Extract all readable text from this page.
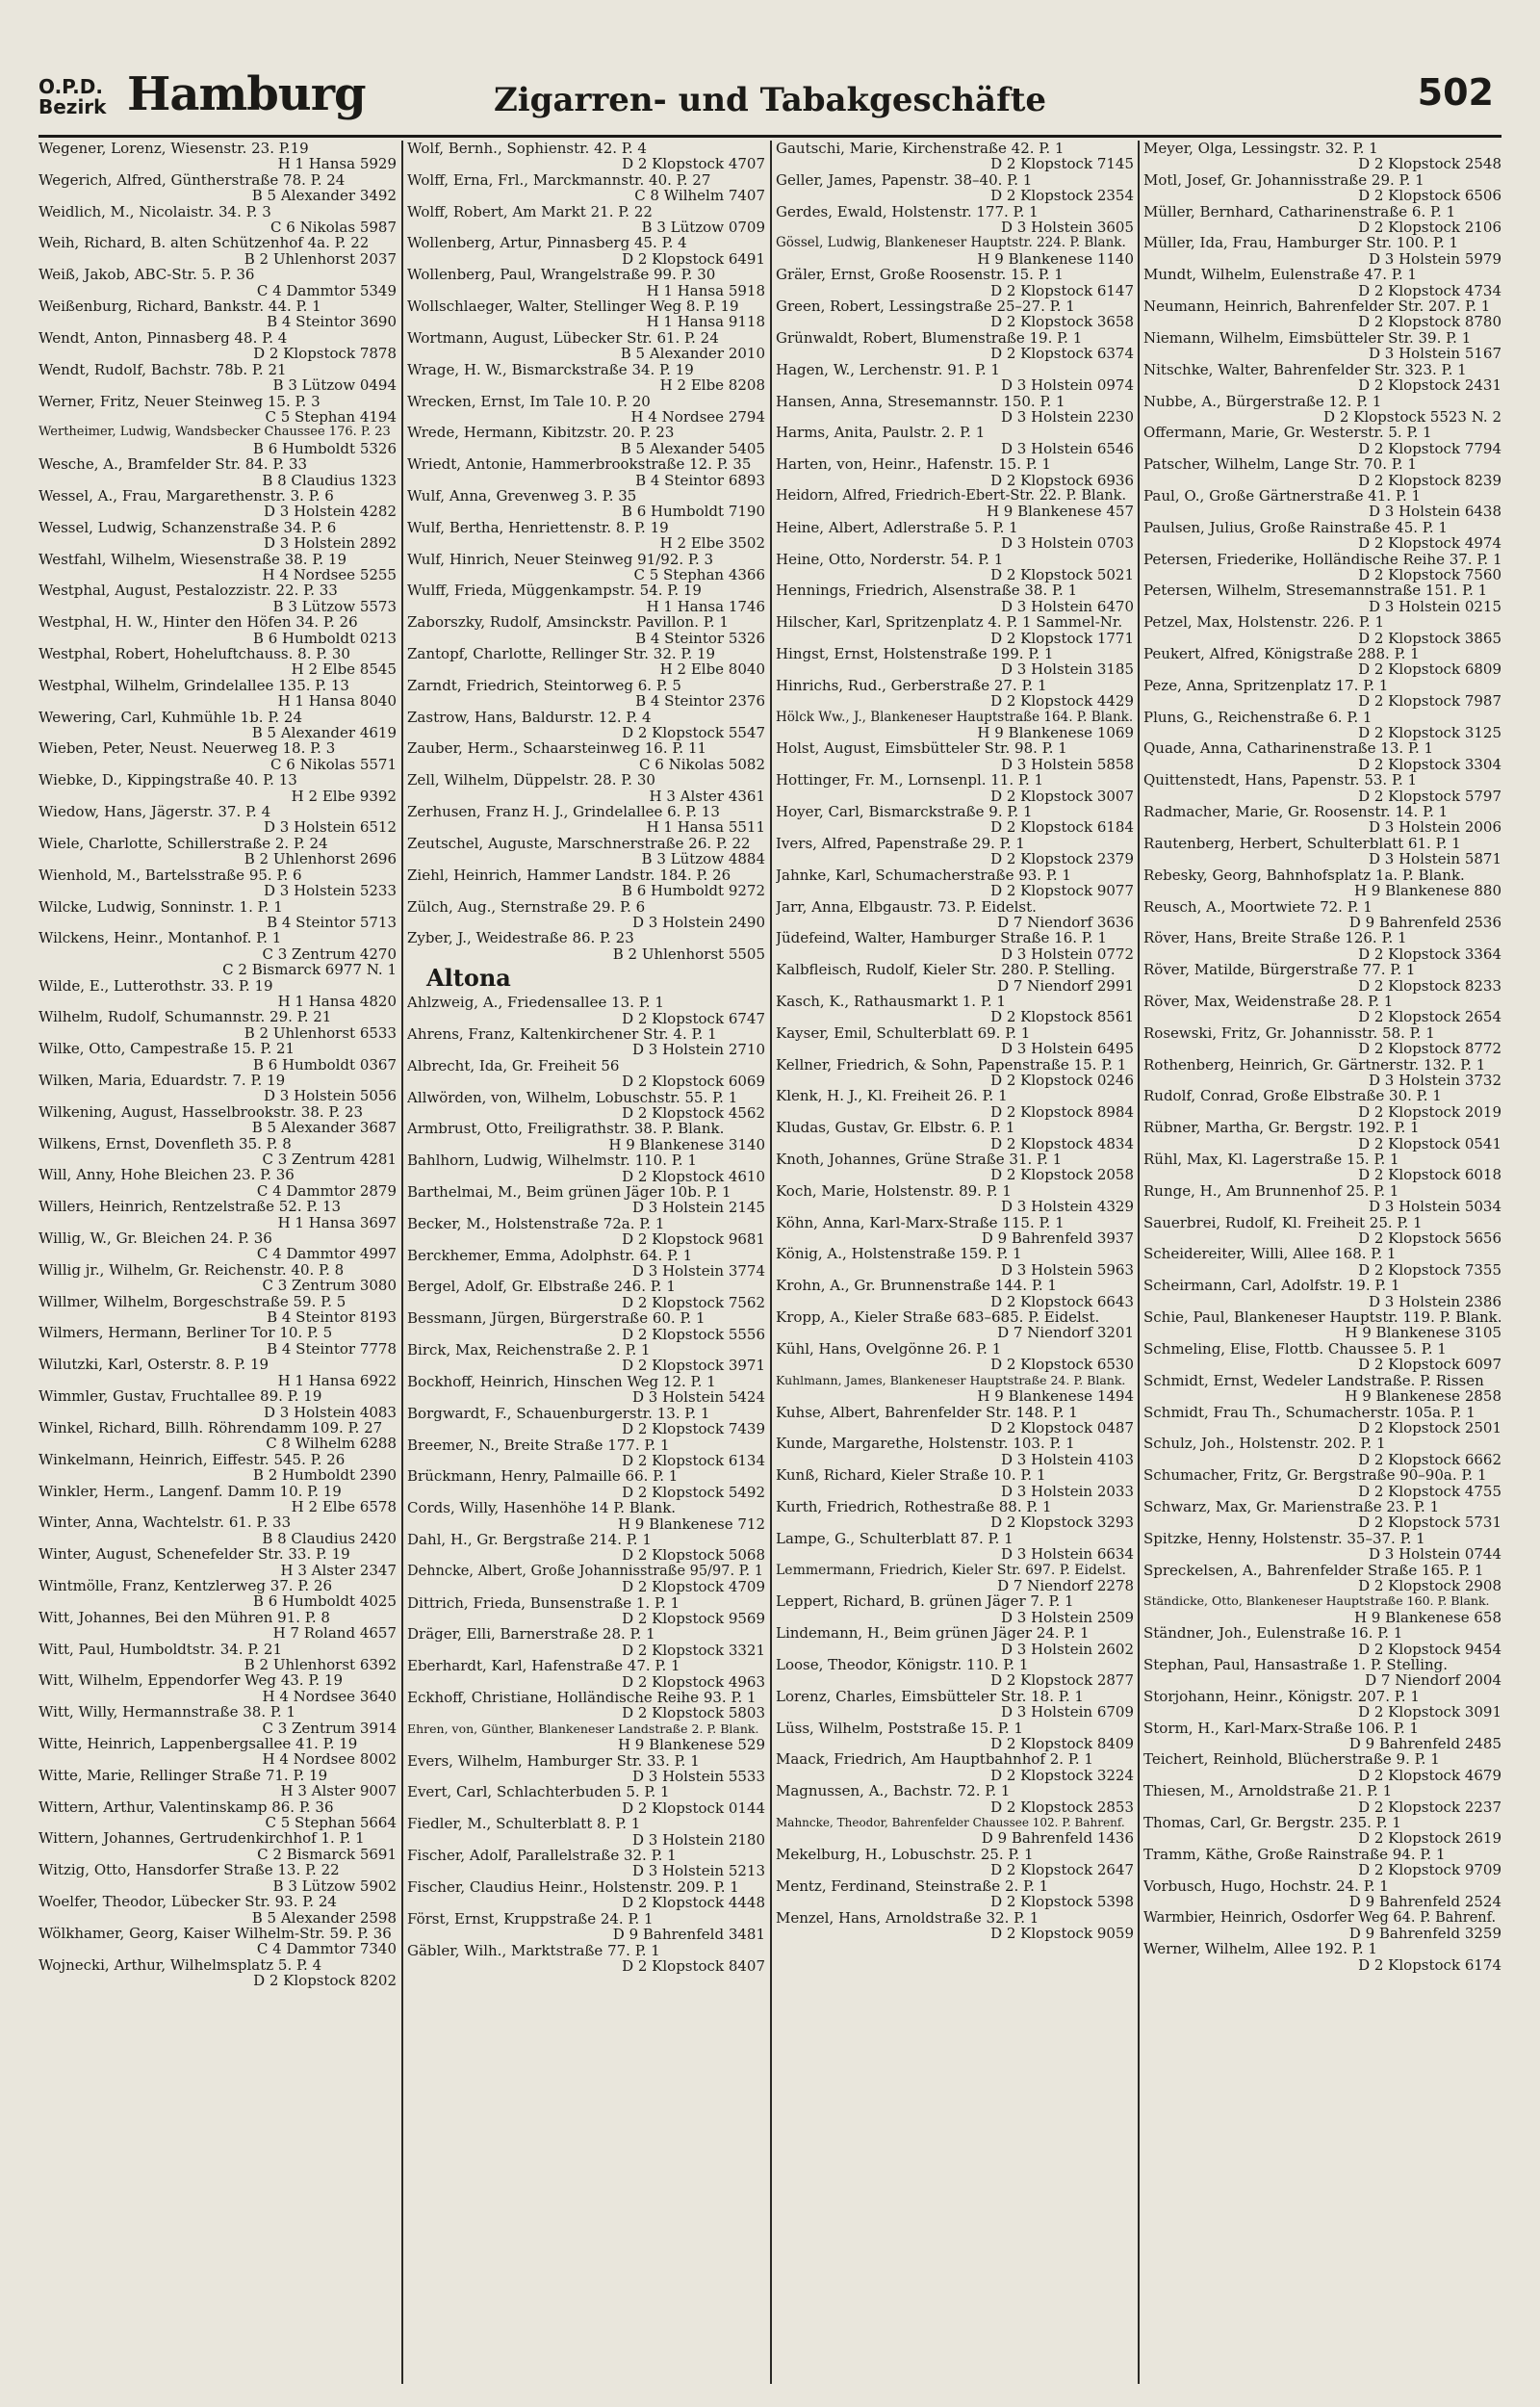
O.P.D.
Bezirk Hamburg	Zigarren- und Tabakgeschäfte	502
Wegener, Lorenz, Wiesenstr. 23. P.19
H 1 Hansa 5929
Wegerich, Alfred, Güntherstraße 78. P. 24
B 5 Alexander 3492
Weidlich, M., Nicolaistr. 34. P. 3
C 6 Nikolas 5987
Weih, Richard, B. alten Schützenhof 4a. P. 22
B 2 Uhlenhorst 2037
Weiß, Jakob, ABC-Str. 5. P. 36
C 4 Dammtor 5349
Weißenburg, Richard, Bankstr. 44. P. 1
B 4 Steintor 3690
Wendt, Anton, Pinnasberg 48. P. 4
D 2 Klopstock 7878
Wendt, Rudolf, Bachstr. 78b. P. 21
B 3 Lützow 0494
Werner, Fritz, Neuer Steinweg 15. P. 3
C 5 Stephan 4194
Wertheimer, Ludwig, Wandsbecker Chaussee 176. P. 23
B 6 Humboldt 5326
Wesche, A., Bramfelder Str. 84. P. 33
B 8 Claudius 1323
Wessel, A., Frau, Margarethenstr. 3. P. 6
D 3 Holstein 4282
Wessel, Ludwig, Schanzenstraße 34. P. 6
D 3 Holstein 2892
Westfahl, Wilhelm, Wiesenstraße 38. P. 19
H 4 Nordsee 5255
Westphal, August, Pestalozzistr. 22. P. 33
B 3 Lützow 5573
Westphal, H. W., Hinter den Höfen 34. P. 26
B 6 Humboldt 0213
Westphal, Robert, Hoheluftchauss. 8. P. 30
H 2 Elbe 8545
Westphal, Wilhelm, Grindelallee 135. P. 13
H 1 Hansa 8040
Wewering, Carl, Kuhmühle 1b. P. 24
B 5 Alexander 4619
Wieben, Peter, Neust. Neuerweg 18. P. 3
C 6 Nikolas 5571
Wiebke, D., Kippingstraße 40. P. 13
H 2 Elbe 9392
Wiedow, Hans, Jägerstr. 37. P. 4
D 3 Holstein 6512
Wiele, Charlotte, Schillerstraße 2. P. 24
B 2 Uhlenhorst 2696
Wienhold, M., Bartelsstraße 95. P. 6
D 3 Holstein 5233
Wilcke, Ludwig, Sonninstr. 1. P. 1
B 4 Steintor 5713
Wilckens, Heinr., Montanhof. P. 1
C 3 Zentrum 4270
C 2 Bismarck 6977 N. 1
Wilde, E., Lutterothstr. 33. P. 19
H 1 Hansa 4820
Wilhelm, Rudolf, Schumannstr. 29. P. 21
B 2 Uhlenhorst 6533
Wilke, Otto, Campestraße 15. P. 21
B 6 Humboldt 0367
Wilken, Maria, Eduardstr. 7. P. 19
D 3 Holstein 5056
Wilkening, August, Hasselbrookstr. 38. P. 23
B 5 Alexander 3687
Wilkens, Ernst, Dovenfleth 35. P. 8
C 3 Zentrum 4281
Will, Anny, Hohe Bleichen 23. P. 36
C 4 Dammtor 2879
Willers, Heinrich, Rentzelstraße 52. P. 13
H 1 Hansa 3697
Willig, W., Gr. Bleichen 24. P. 36
C 4 Dammtor 4997
Willig jr., Wilhelm, Gr. Reichenstr. 40. P. 8
C 3 Zentrum 3080
Willmer, Wilhelm, Borgeschstraße 59. P. 5
B 4 Steintor 8193
Wilmers, Hermann, Berliner Tor 10. P. 5
B 4 Steintor 7778
Wilutzki, Karl, Osterstr. 8. P. 19
H 1 Hansa 6922
Wimmler, Gustav, Fruchtallee 89. P. 19
D 3 Holstein 4083
Winkel, Richard, Billh. Röhrendamm 109. P. 27
C 8 Wilhelm 6288
Winkelmann, Heinrich, Eiffestr. 545. P. 26
B 2 Humboldt 2390
Winkler, Herm., Langenf. Damm 10. P. 19
H 2 Elbe 6578
Winter, Anna, Wachtelstr. 61. P. 33
B 8 Claudius 2420
Winter, August, Schenefelder Str. 33. P. 19
H 3 Alster 2347
Wintmölle, Franz, Kentzlerweg 37. P. 26
B 6 Humboldt 4025
Witt, Johannes, Bei den Mühren 91. P. 8
H 7 Roland 4657
Witt, Paul, Humboldtstr. 34. P. 21
B 2 Uhlenhorst 6392
Witt, Wilhelm, Eppendorfer Weg 43. P. 19
H 4 Nordsee 3640
Witt, Willy, Hermannstraße 38. P. 1
C 3 Zentrum 3914
Witte, Heinrich, Lappenbergsallee 41. P. 19
H 4 Nordsee 8002
Witte, Marie, Rellinger Straße 71. P. 19
H 3 Alster 9007
Wittern, Arthur, Valentinskamp 86. P. 36
C 5 Stephan 5664
Wittern, Johannes, Gertrudenkirchhof 1. P. 1
C 2 Bismarck 5691
Witzig, Otto, Hansdorfer Straße 13. P. 22
B 3 Lützow 5902
Woelfer, Theodor, Lübecker Str. 93. P. 24
B 5 Alexander 2598
Wölkhamer, Georg, Kaiser Wilhelm-Str. 59. P. 36
C 4 Dammtor 7340
Wojnecki, Arthur, Wilhelmsplatz 5. P. 4
D 2 Klopstock 8202
Wolf, Bernh., Sophienstr. 42. P. 4
D 2 Klopstock 4707
Wolff, Erna, Frl., Marckmannstr. 40. P. 27
C 8 Wilhelm 7407
Wolff, Robert, Am Markt 21. P. 22
B 3 Lützow 0709
Wollenberg, Artur, Pinnasberg 45. P. 4
D 2 Klopstock 6491
Wollenberg, Paul, Wrangelstraße 99. P. 30
H 1 Hansa 5918
Wollschlaeger, Walter, Stellinger Weg 8. P. 19
H 1 Hansa 9118
Wortmann, August, Lübecker Str. 61. P. 24
B 5 Alexander 2010
Wrage, H. W., Bismarckstraße 34. P. 19
H 2 Elbe 8208
Wrecken, Ernst, Im Tale 10. P. 20
H 4 Nordsee 2794
Wrede, Hermann, Kibitzstr. 20. P. 23
B 5 Alexander 5405
Wriedt, Antonie, Hammerbrookstraße 12. P. 35
B 4 Steintor 6893
Wulf, Anna, Grevenweg 3. P. 35
B 6 Humboldt 7190
Wulf, Bertha, Henriettenstr. 8. P. 19
H 2 Elbe 3502
Wulf, Hinrich, Neuer Steinweg 91/92. P. 3
C 5 Stephan 4366
Wulff, Frieda, Müggenkampstr. 54. P. 19
H 1 Hansa 1746
Zaborszky, Rudolf, Amsinckstr. Pavillon. P. 1
B 4 Steintor 5326
Zantopf, Charlotte, Rellinger Str. 32. P. 19
H 2 Elbe 8040
Zarndt, Friedrich, Steintorweg 6. P. 5
B 4 Steintor 2376
Zastrow, Hans, Baldurstr. 12. P. 4
D 2 Klopstock 5547
Zauber, Herm., Schaarsteinweg 16. P. 11
C 6 Nikolas 5082
Zell, Wilhelm, Düppelstr. 28. P. 30
H 3 Alster 4361
Zerhusen, Franz H. J., Grindelallee 6. P. 13
H 1 Hansa 5511
Zeutschel, Auguste, Marschnerstraße 26. P. 22
B 3 Lützow 4884
Ziehl, Heinrich, Hammer Landstr. 184. P. 26
B 6 Humboldt 9272
Zülch, Aug., Sternstraße 29. P. 6
D 3 Holstein 2490
Zyber, J., Weidestraße 86. P. 23
B 2 Uhlenhorst 5505
Altona
Ahlzweig, A., Friedensallee 13. P. 1
D 2 Klopstock 6747
Ahrens, Franz, Kaltenkirchener Str. 4. P. 1
D 3 Holstein 2710
Albrecht, Ida, Gr. Freiheit 56
D 2 Klopstock 6069
Allwörden, von, Wilhelm, Lobuschstr. 55. P. 1
D 2 Klopstock 4562
Armbrust, Otto, Freiligrathstr. 38. P. Blank.
H 9 Blankenese 3140
Bahlhorn, Ludwig, Wilhelmstr. 110. P. 1
D 2 Klopstock 4610
Barthelmai, M., Beim grünen Jäger 10b. P. 1
D 3 Holstein 2145
Becker, M., Holstenstraße 72a. P. 1
D 2 Klopstock 9681
Berckhemer, Emma, Adolphstr. 64. P. 1
D 3 Holstein 3774
Bergel, Adolf, Gr. Elbstraße 246. P. 1
D 2 Klopstock 7562
Bessmann, Jürgen, Bürgerstraße 60. P. 1
D 2 Klopstock 5556
Birck, Max, Reichenstraße 2. P. 1
D 2 Klopstock 3971
Bockhoff, Heinrich, Hinschen Weg 12. P. 1
D 3 Holstein 5424
Borgwardt, F., Schauenburgerstr. 13. P. 1
D 2 Klopstock 7439
Breemer, N., Breite Straße 177. P. 1
D 2 Klopstock 6134
Brückmann, Henry, Palmaille 66. P. 1
D 2 Klopstock 5492
Cords, Willy, Hasenhöhe 14 P. Blank.
H 9 Blankenese 712
Dahl, H., Gr. Bergstraße 214. P. 1
D 2 Klopstock 5068
Dehncke, Albert, Große Johannisstraße 95/97. P. 1
D 2 Klopstock 4709
Dittrich, Frieda, Bunsenstraße 1. P. 1
D 2 Klopstock 9569
Dräger, Elli, Barnerstraße 28. P. 1
D 2 Klopstock 3321
Eberhardt, Karl, Hafenstraße 47. P. 1
D 2 Klopstock 4963
Eckhoff, Christiane, Holländische Reihe 93. P. 1
D 2 Klopstock 5803
Ehren, von, Günther, Blankeneser Landstraße 2. P. Blank.
H 9 Blankenese 529
Evers, Wilhelm, Hamburger Str. 33. P. 1
D 3 Holstein 5533
Evert, Carl, Schlachterbuden 5. P. 1
D 2 Klopstock 0144
Fiedler, M., Schulterblatt 8. P. 1
D 3 Holstein 2180
Fischer, Adolf, Parallelstraße 32. P. 1
D 3 Holstein 5213
Fischer, Claudius Heinr., Holstenstr. 209. P. 1
D 2 Klopstock 4448
Först, Ernst, Kruppstraße 24. P. 1
D 9 Bahrenfeld 3481
Gäbler, Wilh., Marktstraße 77. P. 1
D 2 Klopstock 8407
Gautschi, Marie, Kirchenstraße 42. P. 1
D 2 Klopstock 7145
Geller, James, Papenstr. 38–40. P. 1
D 2 Klopstock 2354
Gerdes, Ewald, Holstenstr. 177. P. 1
D 3 Holstein 3605
Gössel, Ludwig, Blankeneser Hauptstr. 224. P. Blank.
H 9 Blankenese 1140
Gräler, Ernst, Große Roosenstr. 15. P. 1
D 2 Klopstock 6147
Green, Robert, Lessingstraße 25–27. P. 1
D 2 Klopstock 3658
Grünwaldt, Robert, Blumenstraße 19. P. 1
D 2 Klopstock 6374
Hagen, W., Lerchenstr. 91. P. 1
D 3 Holstein 0974
Hansen, Anna, Stresemannstr. 150. P. 1
D 3 Holstein 2230
Harms, Anita, Paulstr. 2. P. 1
D 3 Holstein 6546
Harten, von, Heinr., Hafenstr. 15. P. 1
D 2 Klopstock 6936
Heidorn, Alfred, Friedrich-Ebert-Str. 22. P. Blank.
H 9 Blankenese 457
Heine, Albert, Adlerstraße 5. P. 1
D 3 Holstein 0703
Heine, Otto, Norderstr. 54. P. 1
D 2 Klopstock 5021
Hennings, Friedrich, Alsenstraße 38. P. 1
D 3 Holstein 6470
Hilscher, Karl, Spritzenplatz 4. P. 1 Sammel-Nr.
D 2 Klopstock 1771
Hingst, Ernst, Holstenstraße 199. P. 1
D 3 Holstein 3185
Hinrichs, Rud., Gerberstraße 27. P. 1
D 2 Klopstock 4429
Hölck Ww., J., Blankeneser Hauptstraße 164. P. Blank.
H 9 Blankenese 1069
Holst, August, Eimsbütteler Str. 98. P. 1
D 3 Holstein 5858
Hottinger, Fr. M., Lornsenpl. 11. P. 1
D 2 Klopstock 3007
Hoyer, Carl, Bismarckstraße 9. P. 1
D 2 Klopstock 6184
Ivers, Alfred, Papenstraße 29. P. 1
D 2 Klopstock 2379
Jahnke, Karl, Schumacherstraße 93. P. 1
D 2 Klopstock 9077
Jarr, Anna, Elbgaustr. 73. P. Eidelst.
D 7 Niendorf 3636
Jüdefeind, Walter, Hamburger Straße 16. P. 1
D 3 Holstein 0772
Kalbfleisch, Rudolf, Kieler Str. 280. P. Stelling.
D 7 Niendorf 2991
Kasch, K., Rathausmarkt 1. P. 1
D 2 Klopstock 8561
Kayser, Emil, Schulterblatt 69. P. 1
D 3 Holstein 6495
Kellner, Friedrich, & Sohn, Papenstraße 15. P. 1
D 2 Klopstock 0246
Klenk, H. J., Kl. Freiheit 26. P. 1
D 2 Klopstock 8984
Kludas, Gustav, Gr. Elbstr. 6. P. 1
D 2 Klopstock 4834
Knoth, Johannes, Grüne Straße 31. P. 1
D 2 Klopstock 2058
Koch, Marie, Holstenstr. 89. P. 1
D 3 Holstein 4329
Köhn, Anna, Karl-Marx-Straße 115. P. 1
D 9 Bahrenfeld 3937
König, A., Holstenstraße 159. P. 1
D 3 Holstein 5963
Krohn, A., Gr. Brunnenstraße 144. P. 1
D 2 Klopstock 6643
Kropp, A., Kieler Straße 683–685. P. Eidelst.
D 7 Niendorf 3201
Kühl, Hans, Ovelgönne 26. P. 1
D 2 Klopstock 6530
Kuhlmann, James, Blankeneser Hauptstraße 24. P. Blank.
H 9 Blankenese 1494
Kuhse, Albert, Bahrenfelder Str. 148. P. 1
D 2 Klopstock 0487
Kunde, Margarethe, Holstenstr. 103. P. 1
D 3 Holstein 4103
Kunß, Richard, Kieler Straße 10. P. 1
D 3 Holstein 2033
Kurth, Friedrich, Rothestraße 88. P. 1
D 2 Klopstock 3293
Lampe, G., Schulterblatt 87. P. 1
D 3 Holstein 6634
Lemmermann, Friedrich, Kieler Str. 697. P. Eidelst.
D 7 Niendorf 2278
Leppert, Richard, B. grünen Jäger 7. P. 1
D 3 Holstein 2509
Lindemann, H., Beim grünen Jäger 24. P. 1
D 3 Holstein 2602
Loose, Theodor, Königstr. 110. P. 1
D 2 Klopstock 2877
Lorenz, Charles, Eimsbütteler Str. 18. P. 1
D 3 Holstein 6709
Lüss, Wilhelm, Poststraße 15. P. 1
D 2 Klopstock 8409
Maack, Friedrich, Am Hauptbahnhof 2. P. 1
D 2 Klopstock 3224
Magnussen, A., Bachstr. 72. P. 1
D 2 Klopstock 2853
Mahncke, Theodor, Bahrenfelder Chaussee 102. P. Bahrenf.
D 9 Bahrenfeld 1436
Mekelburg, H., Lobuschstr. 25. P. 1
D 2 Klopstock 2647
Mentz, Ferdinand, Steinstraße 2. P. 1
D 2 Klopstock 5398
Menzel, Hans, Arnoldstraße 32. P. 1
D 2 Klopstock 9059
Meyer, Olga, Lessingstr. 32. P. 1
D 2 Klopstock 2548
Motl, Josef, Gr. Johannisstraße 29. P. 1
D 2 Klopstock 6506
Müller, Bernhard, Catharinenstraße 6. P. 1
D 2 Klopstock 2106
Müller, Ida, Frau, Hamburger Str. 100. P. 1
D 3 Holstein 5979
Mundt, Wilhelm, Eulenstraße 47. P. 1
D 2 Klopstock 4734
Neumann, Heinrich, Bahrenfelder Str. 207. P. 1
D 2 Klopstock 8780
Niemann, Wilhelm, Eimsbütteler Str. 39. P. 1
D 3 Holstein 5167
Nitschke, Walter, Bahrenfelder Str. 323. P. 1
D 2 Klopstock 2431
Nubbe, A., Bürgerstraße 12. P. 1
D 2 Klopstock 5523 N. 2
Offermann, Marie, Gr. Westerstr. 5. P. 1
D 2 Klopstock 7794
Patscher, Wilhelm, Lange Str. 70. P. 1
D 2 Klopstock 8239
Paul, O., Große Gärtnerstraße 41. P. 1
D 3 Holstein 6438
Paulsen, Julius, Große Rainstraße 45. P. 1
D 2 Klopstock 4974
Petersen, Friederike, Holländische Reihe 37. P. 1
D 2 Klopstock 7560
Petersen, Wilhelm, Stresemannstraße 151. P. 1
D 3 Holstein 0215
Petzel, Max, Holstenstr. 226. P. 1
D 2 Klopstock 3865
Peukert, Alfred, Königstraße 288. P. 1
D 2 Klopstock 6809
Peze, Anna, Spritzenplatz 17. P. 1
D 2 Klopstock 7987
Pluns, G., Reichenstraße 6. P. 1
D 2 Klopstock 3125
Quade, Anna, Catharinenstraße 13. P. 1
D 2 Klopstock 3304
Quittenstedt, Hans, Papenstr. 53. P. 1
D 2 Klopstock 5797
Radmacher, Marie, Gr. Roosenstr. 14. P. 1
D 3 Holstein 2006
Rautenberg, Herbert, Schulterblatt 61. P. 1
D 3 Holstein 5871
Rebesky, Georg, Bahnhofsplatz 1a. P. Blank.
H 9 Blankenese 880
Reusch, A., Moortwiete 72. P. 1
D 9 Bahrenfeld 2536
Röver, Hans, Breite Straße 126. P. 1
D 2 Klopstock 3364
Röver, Matilde, Bürgerstraße 77. P. 1
D 2 Klopstock 8233
Röver, Max, Weidenstraße 28. P. 1
D 2 Klopstock 2654
Rosewski, Fritz, Gr. Johannisstr. 58. P. 1
D 2 Klopstock 8772
Rothenberg, Heinrich, Gr. Gärtnerstr. 132. P. 1
D 3 Holstein 3732
Rudolf, Conrad, Große Elbstraße 30. P. 1
D 2 Klopstock 2019
Rübner, Martha, Gr. Bergstr. 192. P. 1
D 2 Klopstock 0541
Rühl, Max, Kl. Lagerstraße 15. P. 1
D 2 Klopstock 6018
Runge, H., Am Brunnenhof 25. P. 1
D 3 Holstein 5034
Sauerbrei, Rudolf, Kl. Freiheit 25. P. 1
D 2 Klopstock 5656
Scheidereiter, Willi, Allee 168. P. 1
D 2 Klopstock 7355
Scheirmann, Carl, Adolfstr. 19. P. 1
D 3 Holstein 2386
Schie, Paul, Blankeneser Hauptstr. 119. P. Blank.
H 9 Blankenese 3105
Schmeling, Elise, Flottb. Chaussee 5. P. 1
D 2 Klopstock 6097
Schmidt, Ernst, Wedeler Landstraße. P. Rissen
H 9 Blankenese 2858
Schmidt, Frau Th., Schumacherstr. 105a. P. 1
D 2 Klopstock 2501
Schulz, Joh., Holstenstr. 202. P. 1
D 2 Klopstock 6662
Schumacher, Fritz, Gr. Bergstraße 90–90a. P. 1
D 2 Klopstock 4755
Schwarz, Max, Gr. Marienstraße 23. P. 1
D 2 Klopstock 5731
Spitzke, Henny, Holstenstr. 35–37. P. 1
D 3 Holstein 0744
Spreckelsen, A., Bahrenfelder Straße 165. P. 1
D 2 Klopstock 2908
Ständicke, Otto, Blankeneser Hauptstraße 160. P. Blank.
H 9 Blankenese 658
Ständner, Joh., Eulenstraße 16. P. 1
D 2 Klopstock 9454
Stephan, Paul, Hansastraße 1. P. Stelling.
D 7 Niendorf 2004
Storjohann, Heinr., Königstr. 207. P. 1
D 2 Klopstock 3091
Storm, H., Karl-Marx-Straße 106. P. 1
D 9 Bahrenfeld 2485
Teichert, Reinhold, Blücherstraße 9. P. 1
D 2 Klopstock 4679
Thiesen, M., Arnoldstraße 21. P. 1
D 2 Klopstock 2237
Thomas, Carl, Gr. Bergstr. 235. P. 1
D 2 Klopstock 2619
Tramm, Käthe, Große Rainstraße 94. P. 1
D 2 Klopstock 9709
Vorbusch, Hugo, Hochstr. 24. P. 1
D 9 Bahrenfeld 2524
Warmbier, Heinrich, Osdorfer Weg 64. P. Bahrenf.
D 9 Bahrenfeld 3259
Werner, Wilhelm, Allee 192. P. 1
D 2 Klopstock 6174
